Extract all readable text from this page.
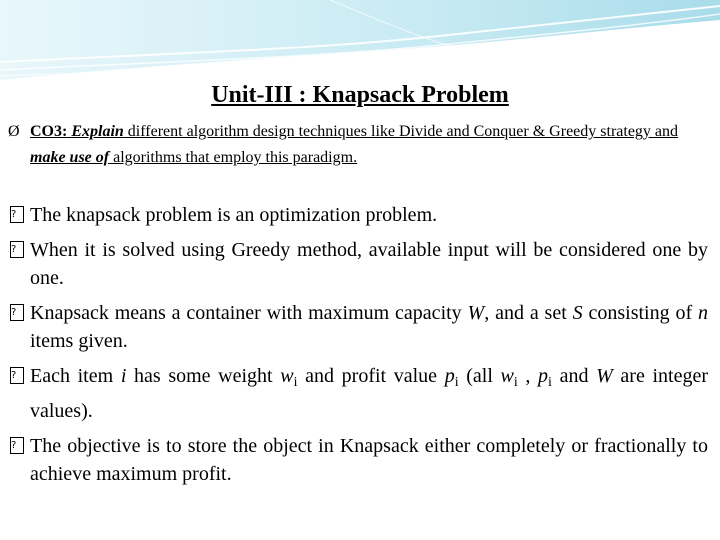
Unit-III : Knapsack Problem
Ø CO3: Explain different algorithm design techniques like Divide and Conquer & Greedy strategy and make use of algorithms that employ this paradigm.
?
The knapsack problem is an optimization problem.
?
When it is solved using Greedy method, available input will be considered one by one.
?
Knapsack means a container with maximum capacity W, and a set S consisting of n items given.
?
Each item i has some weight $w_i$ and profit value $p_i$ (all $w_i$ , $p_i$ and W are integer values).
?
The objective is to store the object in Knapsack either completely or fractionally to achieve maximum profit.
